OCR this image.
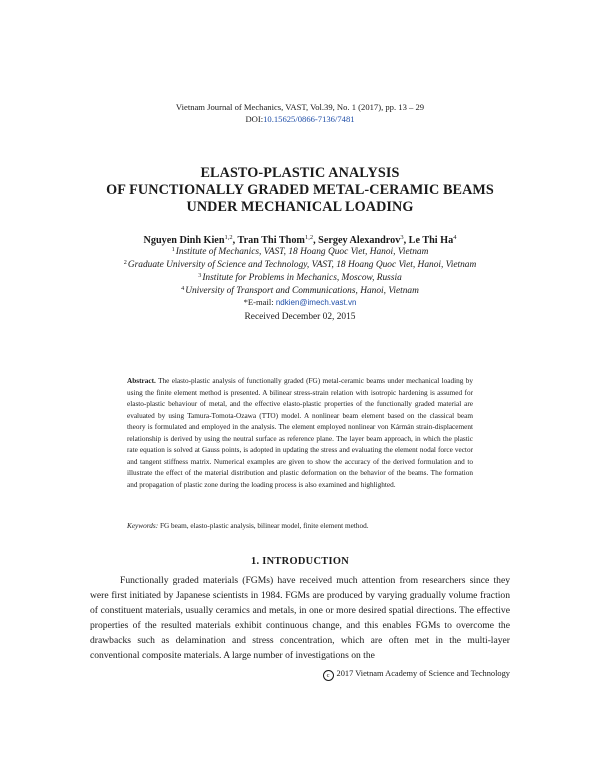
Vietnam Journal of Mechanics, VAST, Vol.39, No. 1 (2017), pp. 13 – 29
DOI:10.15625/0866-7136/7481
ELASTO-PLASTIC ANALYSIS
OF FUNCTIONALLY GRADED METAL-CERAMIC BEAMS
UNDER MECHANICAL LOADING
Nguyen Dinh Kien$^{1,2}$, Tran Thi Thom$^{1,2}$, Sergey Alexandrov$^3$, Le Thi Ha$^4$
$^1$Institute of Mechanics, VAST, 18 Hoang Quoc Viet, Hanoi, Vietnam
$^2$Graduate University of Science and Technology, VAST, 18 Hoang Quoc Viet, Hanoi, Vietnam
$^3$Institute for Problems in Mechanics, Moscow, Russia
$^4$University of Transport and Communications, Hanoi, Vietnam
*E-mail: ndkien@imech.vast.vn
Received December 02, 2015
Abstract. The elasto-plastic analysis of functionally graded (FG) metal-ceramic beams under mechanical loading by using the finite element method is presented. A bilinear stress-strain relation with isotropic hardening is assumed for elasto-plastic behaviour of metal, and the effective elasto-plastic properties of the functionally graded material are evaluated by using Tamura-Tomota-Ozawa (TTO) model. A nonlinear beam element based on the classical beam theory is formulated and employed in the analysis. The element employed nonlinear von Kármán strain-displacement relationship is derived by using the neutral surface as reference plane. The layer beam approach, in which the plastic rate equation is solved at Gauss points, is adopted in updating the stress and evaluating the element nodal force vector and tangent stiffness matrix. Numerical examples are given to show the accuracy of the derived formulation and to illustrate the effect of the material distribution and plastic deformation on the behavior of the beams. The formation and propagation of plastic zone during the loading process is also examined and highlighted.
Keywords: FG beam, elasto-plastic analysis, bilinear model, finite element method.
1. INTRODUCTION
Functionally graded materials (FGMs) have received much attention from researchers since they were first initiated by Japanese scientists in 1984. FGMs are produced by varying gradually volume fraction of constituent materials, usually ceramics and metals, in one or more desired spatial directions. The effective properties of the resulted materials exhibit continuous change, and this enables FGMs to overcome the drawbacks such as delamination and stress concentration, which are often met in the multi-layer conventional composite materials. A large number of investigations on the
c 2017 Vietnam Academy of Science and Technology
